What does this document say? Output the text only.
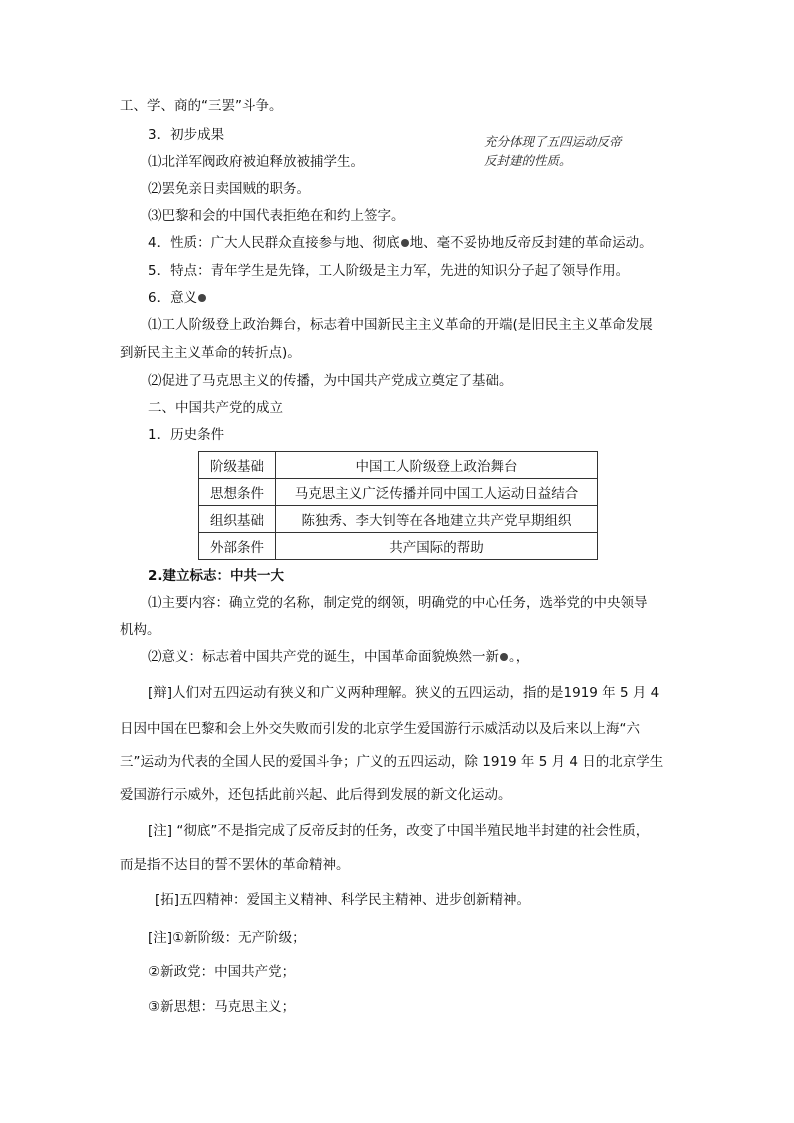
工、学、商的“三罢”斗争。
3．初步成果
⑴北洋军阀政府被迫释放被捕学生。
⑵罢免亲日卖国贼的职务。
⑶巴黎和会的中国代表拒绝在和约上签字。
4．性质：广大人民群众直接参与地、彻底 地、毫不妥协地反帝反封建的革命运动。
5．特点：青年学生是先锋，工人阶级是主力军，先进的知识分子起了领导作用。
6．意义
⑴工人阶级登上政治舞台，标志着中国新民主主义革命的开端(是旧民主主义革命发展
到新民主主义革命的转折点)。
⑵促进了马克思主义的传播，为中国共产党成立奠定了基础。
二、中国共产党的成立
1．历史条件
阶级基础	中国工人阶级登上政治舞台
思想条件	马克思主义广泛传播并同中国工人运动日益结合
组织基础	陈独秀、李大钊等在各地建立共产党早期组织
外部条件	共产国际的帮助
2.建立标志：中共一大
⑴主要内容：确立党的名称，制定党的纲领，明确党的中心任务，选举党的中央领导
机构。
⑵意义：标志着中国共产党的诞生，中国革命面貌焕然一新 。，
[辩]人们对五四运动有狭义和广义两种理解。狭义的五四运动，指的是1919 年 5 月 4
日因中国在巴黎和会上外交失败而引发的北京学生爱国游行示威活动以及后来以上海“六
三”运动为代表的全国人民的爱国斗争；广义的五四运动，除 1919 年 5 月 4 日的北京学生
爱国游行示威外，还包括此前兴起、此后得到发展的新文化运动。
[注] “彻底”不是指完成了反帝反封的任务，改变了中国半殖民地半封建的社会性质，
而是指不达目的誓不罢休的革命精神。
[拓]五四精神：爱国主义精神、科学民主精神、进步创新精神。
[注]①新阶级：无产阶级；
②新政党：中国共产党；
③新思想：马克思主义；
充分体现了五四运动反帝
反封建的性质。
